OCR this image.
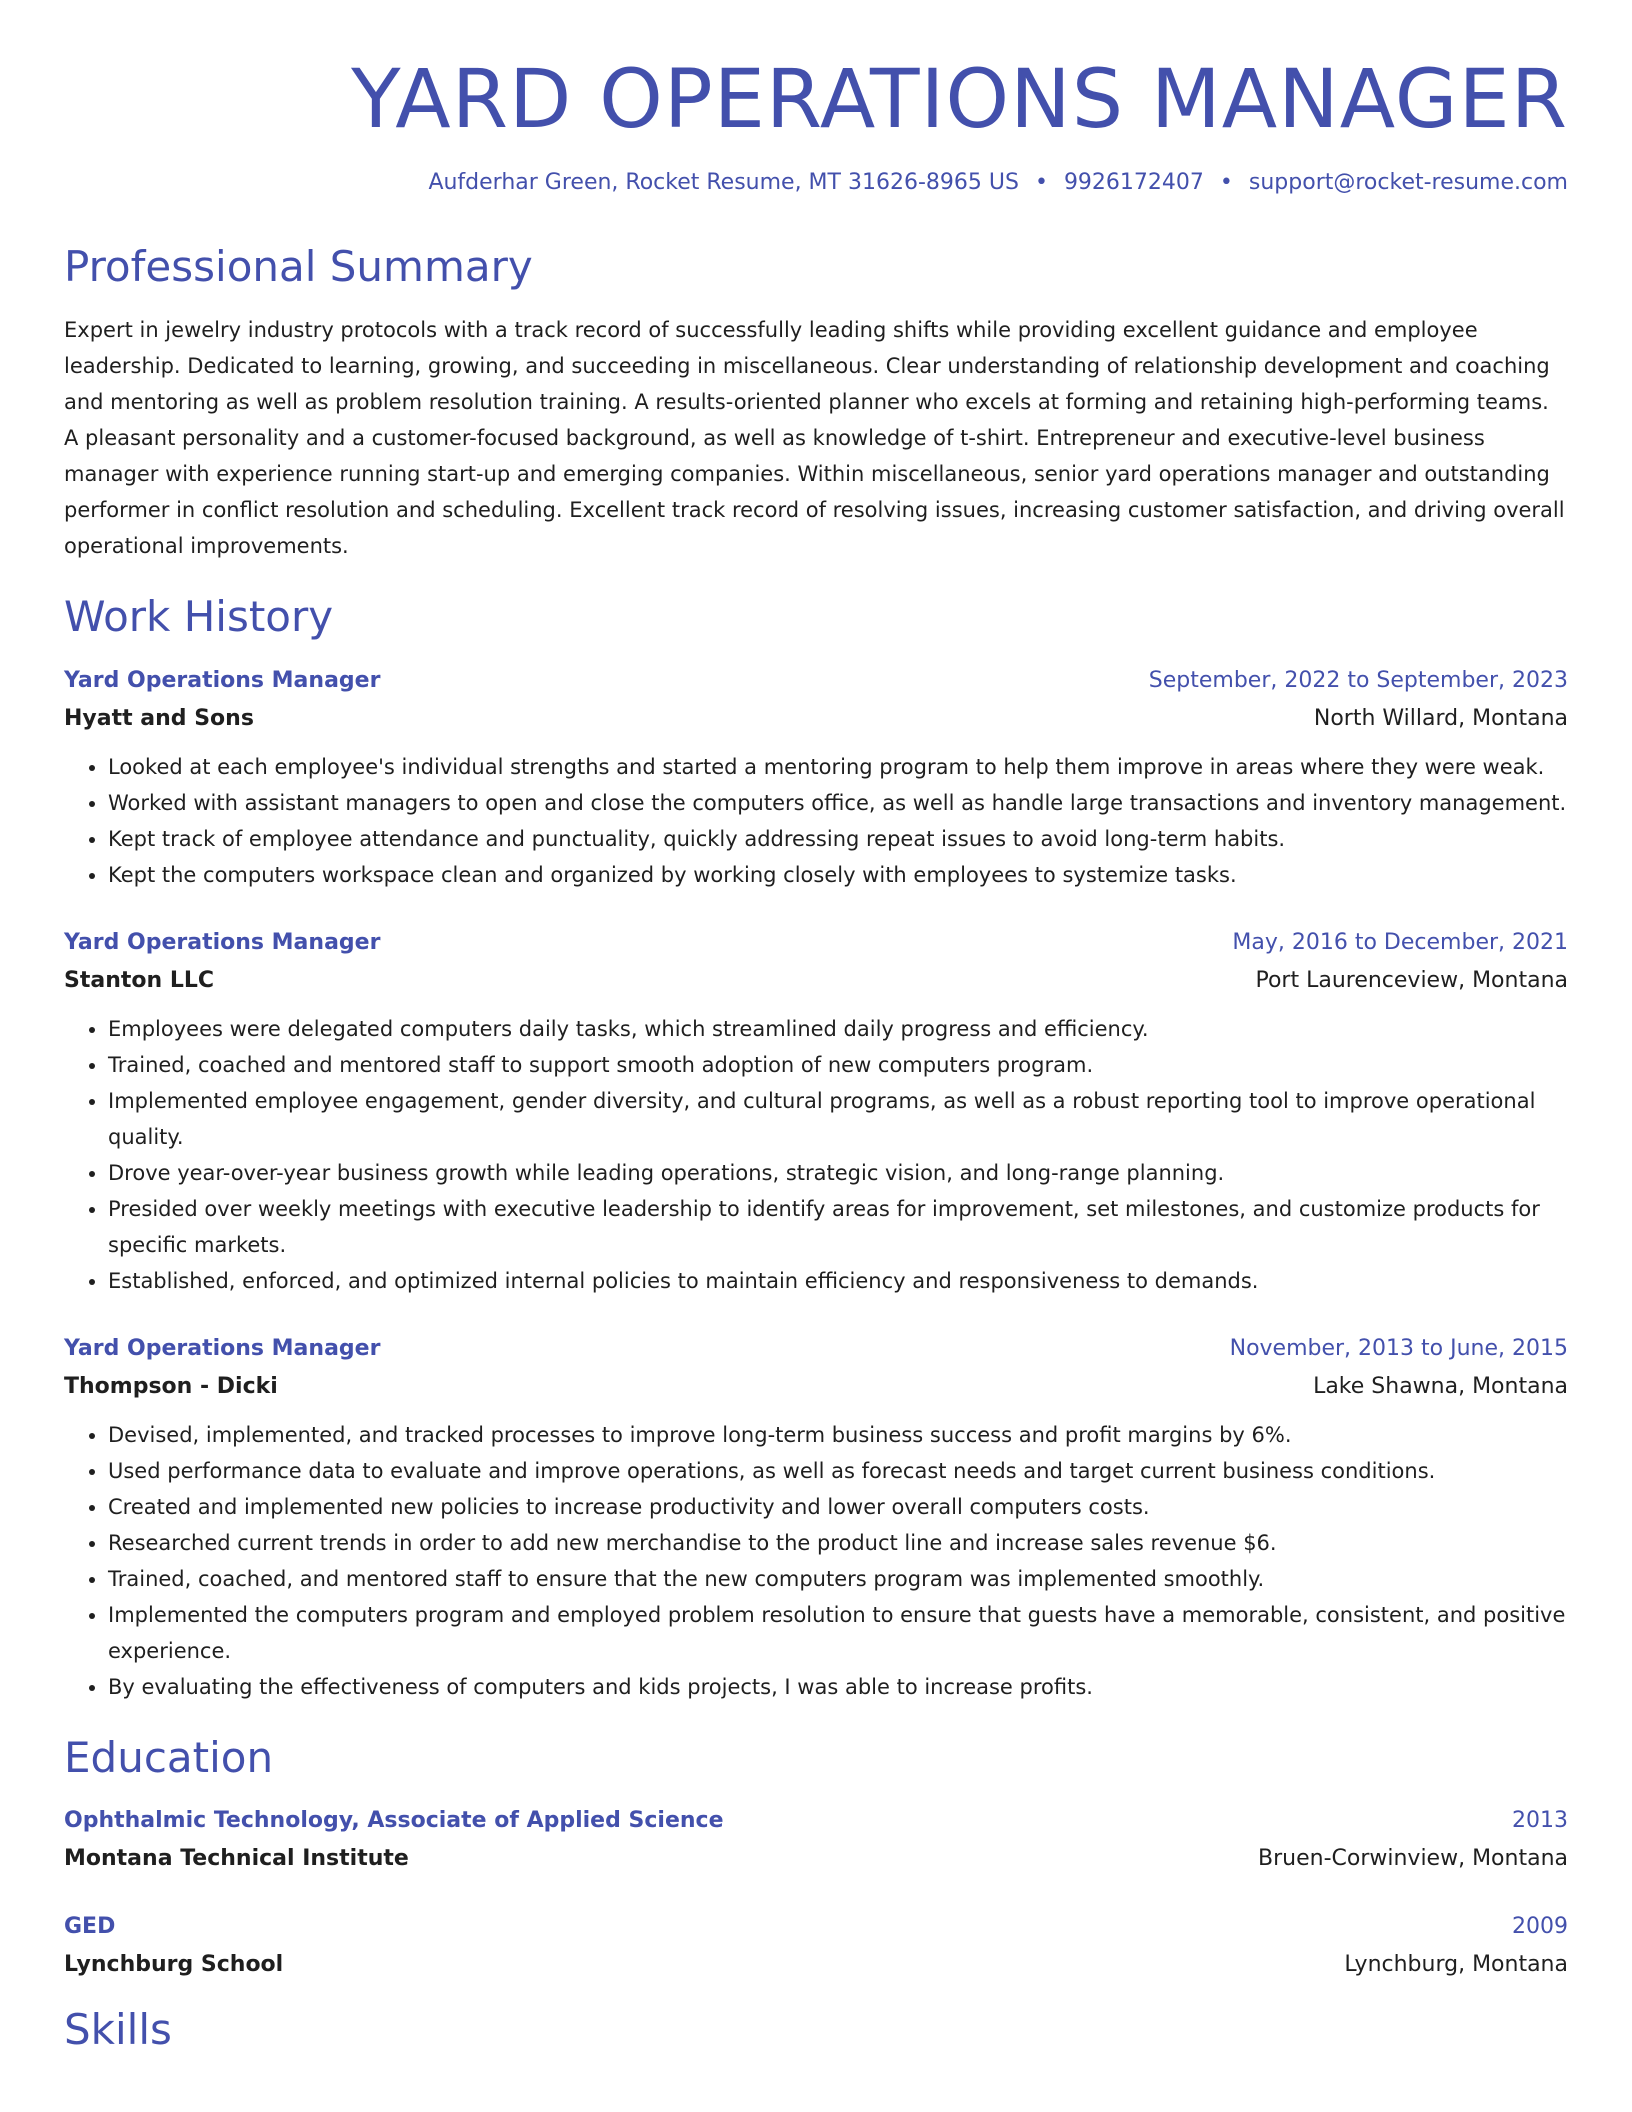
YARD OPERATIONS MANAGER
Aufderhar Green, Rocket Resume, MT 31626-8965 US • 9926172407 • support@rocket-resume.com
Professional Summary

Expert in jewelry industry protocols with a track record of successfully leading shifts while providing excellent guidance and employee leadership. Dedicated to learning, growing, and succeeding in miscellaneous. Clear understanding of relationship development and coaching and mentoring as well as problem resolution training. A results-oriented planner who excels at forming and retaining high-performing teams. A pleasant personality and a customer-focused background, as well as knowledge of t-shirt. Entrepreneur and executive-level business manager with experience running start-up and emerging companies. Within miscellaneous, senior yard operations manager and outstanding performer in conflict resolution and scheduling. Excellent track record of resolving issues, increasing customer satisfaction, and driving overall operational improvements.

Work History
Yard Operations Manager	September, 2022 to September, 2023
Hyatt and Sons	North Willard, Montana
• Looked at each employee's individual strengths and started a mentoring program to help them improve in areas where they were weak.
• Worked with assistant managers to open and close the computers office, as well as handle large transactions and inventory management.
• Kept track of employee attendance and punctuality, quickly addressing repeat issues to avoid long-term habits.
• Kept the computers workspace clean and organized by working closely with employees to systemize tasks.
Yard Operations Manager	May, 2016 to December, 2021
Stanton LLC	Port Laurenceview, Montana
• Employees were delegated computers daily tasks, which streamlined daily progress and efficiency.
• Trained, coached and mentored staff to support smooth adoption of new computers program.
• Implemented employee engagement, gender diversity, and cultural programs, as well as a robust reporting tool to improve operational quality.
• Drove year-over-year business growth while leading operations, strategic vision, and long-range planning.
• Presided over weekly meetings with executive leadership to identify areas for improvement, set milestones, and customize products for specific markets.
• Established, enforced, and optimized internal policies to maintain efficiency and responsiveness to demands.
Yard Operations Manager	November, 2013 to June, 2015
Thompson - Dicki	Lake Shawna, Montana
• Devised, implemented, and tracked processes to improve long-term business success and profit margins by 6%.
• Used performance data to evaluate and improve operations, as well as forecast needs and target current business conditions.
• Created and implemented new policies to increase productivity and lower overall computers costs.
• Researched current trends in order to add new merchandise to the product line and increase sales revenue $6.
• Trained, coached, and mentored staff to ensure that the new computers program was implemented smoothly.
• Implemented the computers program and employed problem resolution to ensure that guests have a memorable, consistent, and positive experience.
• By evaluating the effectiveness of computers and kids projects, I was able to increase profits.
Education
Ophthalmic Technology, Associate of Applied Science	2013
Montana Technical Institute	Bruen-Corwinview, Montana
GED	2009
Lynchburg School	Lynchburg, Montana
Skills
